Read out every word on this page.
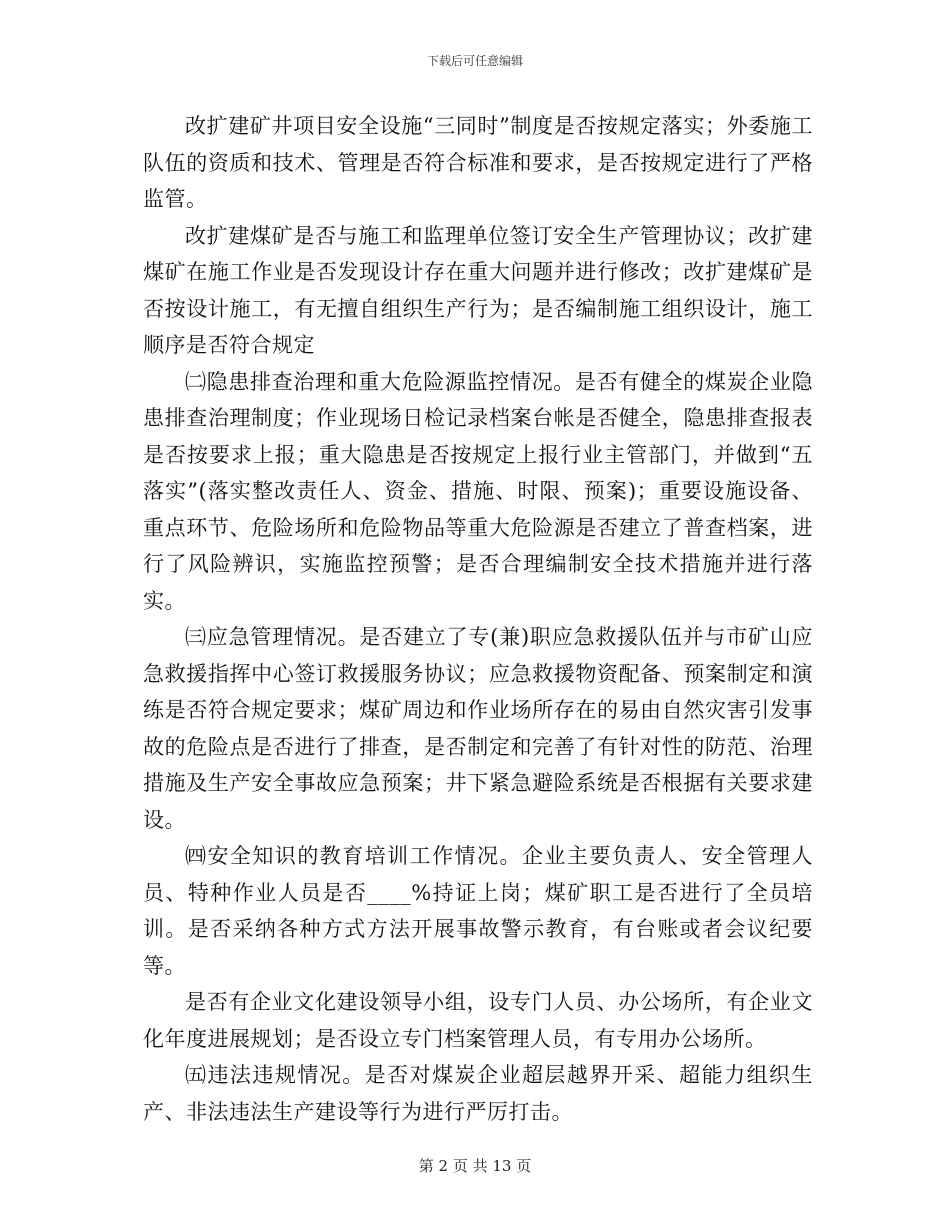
下载后可任意编辑

改扩建矿井项目安全设施“三同时”制度是否按规定落实；外委施工队伍的资质和技术、管理是否符合标准和要求，是否按规定进行了严格监管。

改扩建煤矿是否与施工和监理单位签订安全生产管理协议；改扩建煤矿在施工作业是否发现设计存在重大问题并进行修改；改扩建煤矿是否按设计施工，有无擅自组织生产行为；是否编制施工组织设计，施工顺序是否符合规定

㈡隐患排查治理和重大危险源监控情况。是否有健全的煤炭企业隐患排查治理制度；作业现场日检记录档案台帐是否健全，隐患排查报表是否按要求上报；重大隐患是否按规定上报行业主管部门，并做到“五落实”(落实整改责任人、资金、措施、时限、预案)；重要设施设备、重点环节、危险场所和危险物品等重大危险源是否建立了普查档案，进行了风险辨识，实施监控预警；是否合理编制安全技术措施并进行落实。

㈢应急管理情况。是否建立了专(兼)职应急救援队伍并与市矿山应急救援指挥中心签订救援服务协议；应急救援物资配备、预案制定和演练是否符合规定要求；煤矿周边和作业场所存在的易由自然灾害引发事故的危险点是否进行了排查，是否制定和完善了有针对性的防范、治理措施及生产安全事故应急预案；井下紧急避险系统是否根据有关要求建设。

㈣安全知识的教育培训工作情况。企业主要负责人、安全管理人员、特种作业人员是否____%持证上岗；煤矿职工是否进行了全员培训。是否采纳各种方式方法开展事故警示教育，有台账或者会议纪要等。

是否有企业文化建设领导小组，设专门人员、办公场所，有企业文化年度进展规划；是否设立专门档案管理人员，有专用办公场所。

㈤违法违规情况。是否对煤炭企业超层越界开采、超能力组织生产、非法违法生产建设等行为进行严厉打击。

第 2 页 共 13 页
